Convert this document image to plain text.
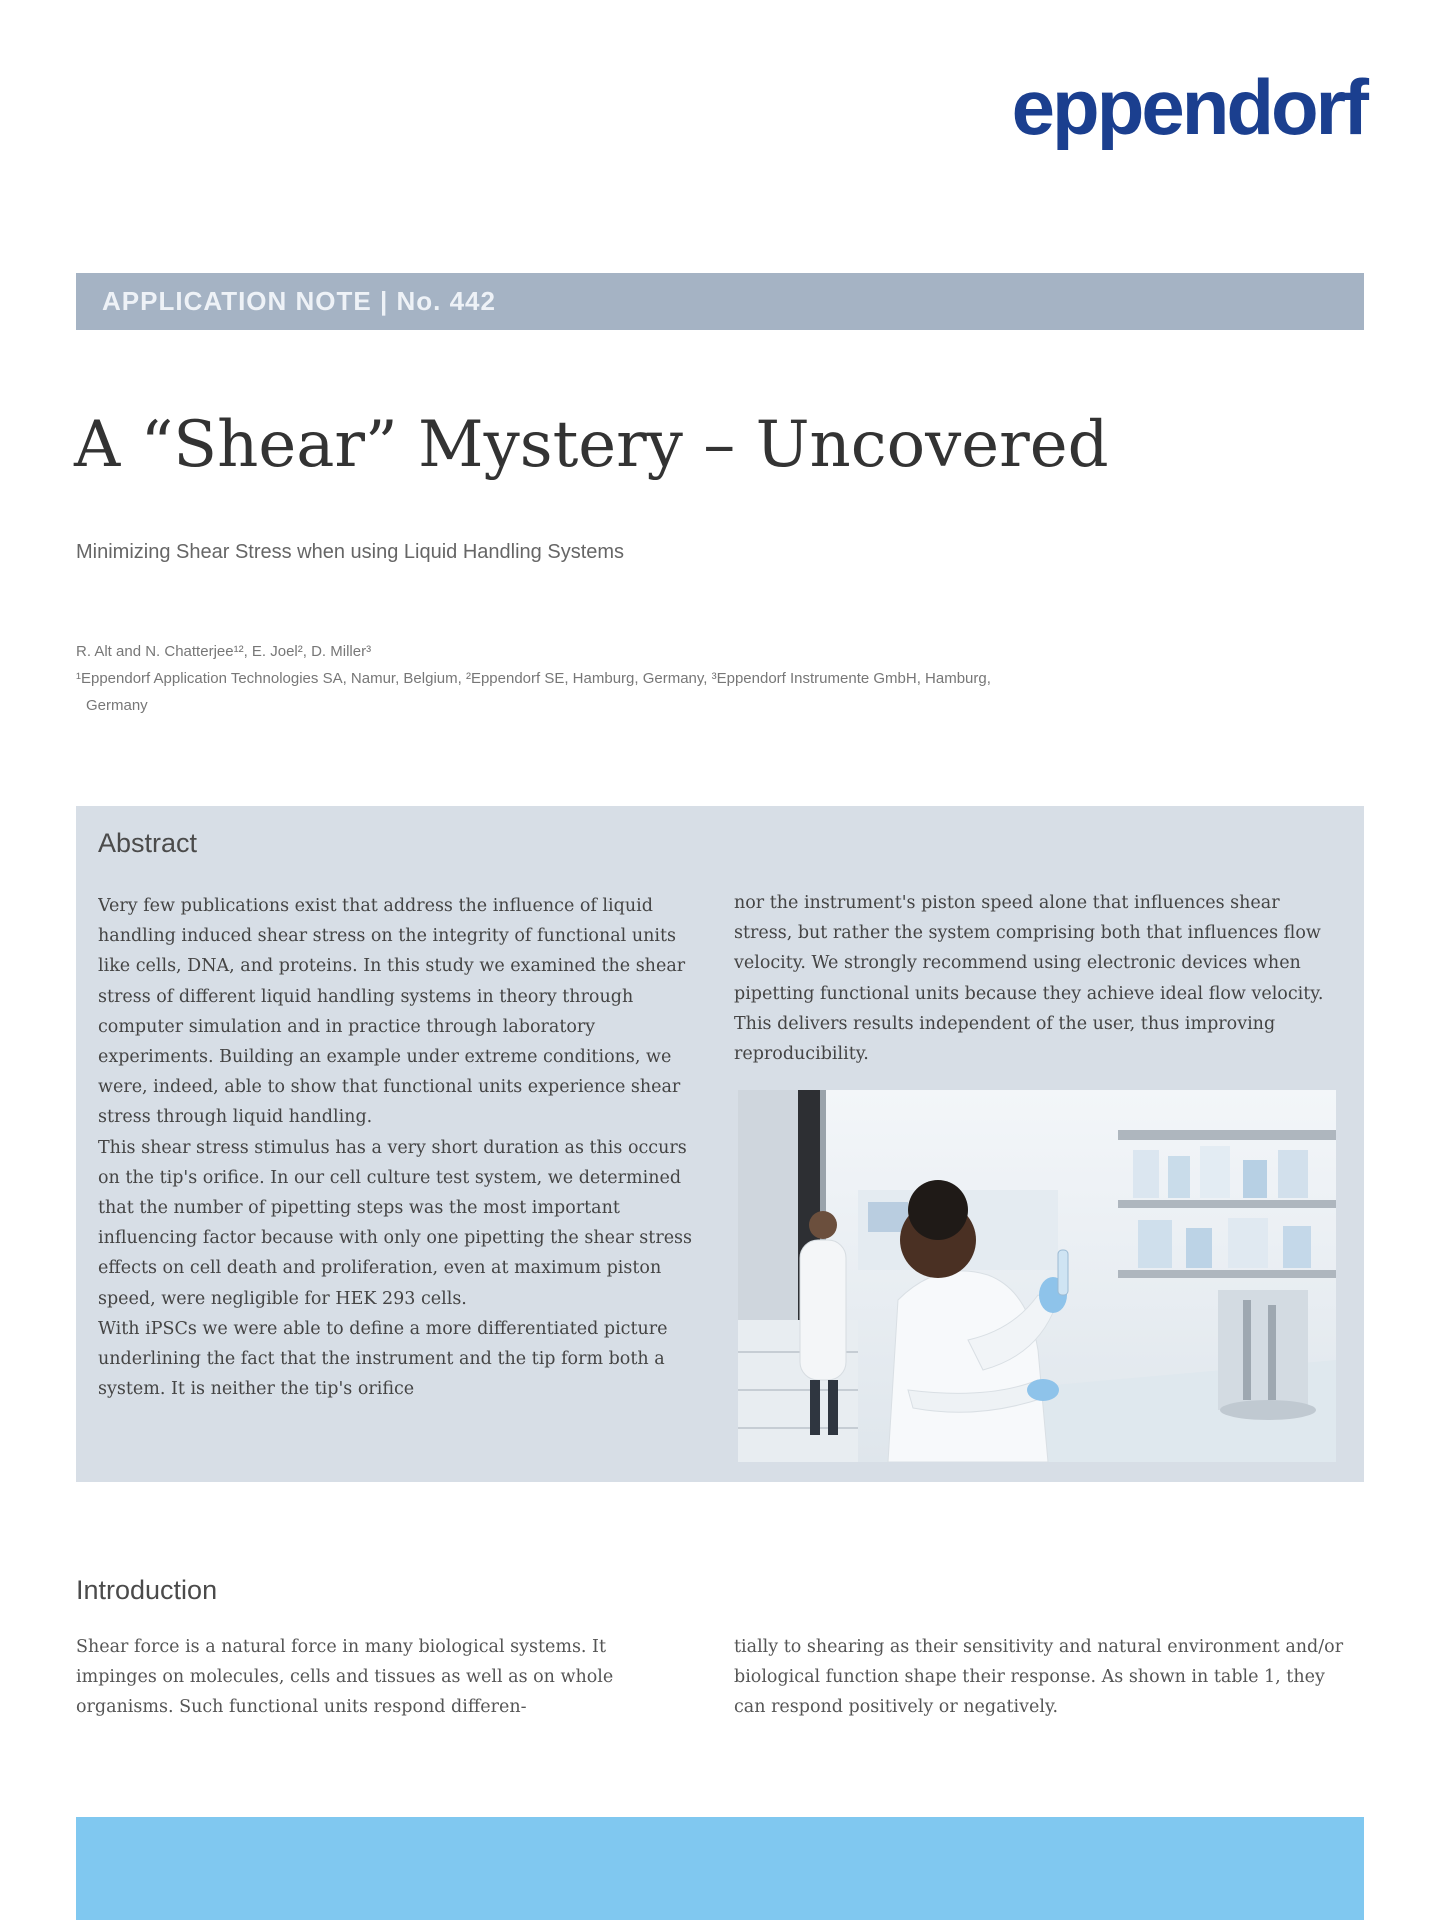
eppendorf
APPLICATION NOTE | No. 442
A “Shear” Mystery – Uncovered
Minimizing Shear Stress when using Liquid Handling Systems
R. Alt and N. Chatterjee¹², E. Joel², D. Miller³
¹Eppendorf Application Technologies SA, Namur, Belgium, ²Eppendorf SE, Hamburg, Germany, ³Eppendorf Instrumente GmbH, Hamburg,
Germany
Abstract

Very few publications exist that address the influence of liquid handling induced shear stress on the integrity of functional units like cells, DNA, and proteins. In this study we examined the shear stress of different liquid handling systems in theory through computer simulation and in practice through laboratory experiments. Building an example under extreme conditions, we were, indeed, able to show that functional units experience shear stress through liquid handling.

This shear stress stimulus has a very short duration as this occurs on the tip's orifice. In our cell culture test system, we determined that the number of pipetting steps was the most important influencing factor because with only one pipetting the shear stress effects on cell death and proliferation, even at maximum piston speed, were negligible for HEK 293 cells.

With iPSCs we were able to define a more differentiated picture underlining the fact that the instrument and the tip form both a system. It is neither the tip's orifice

nor the instrument's piston speed alone that influences shear stress, but rather the system comprising both that influences flow velocity. We strongly recommend using electronic devices when pipetting functional units because they achieve ideal flow velocity. This delivers results independent of the user, thus improving reproducibility.

Introduction

Shear force is a natural force in many biological systems. It impinges on molecules, cells and tissues as well as on whole organisms. Such functional units respond differen-

tially to shearing as their sensitivity and natural environment and/or biological function shape their response. As shown in table 1, they can respond positively or negatively.
